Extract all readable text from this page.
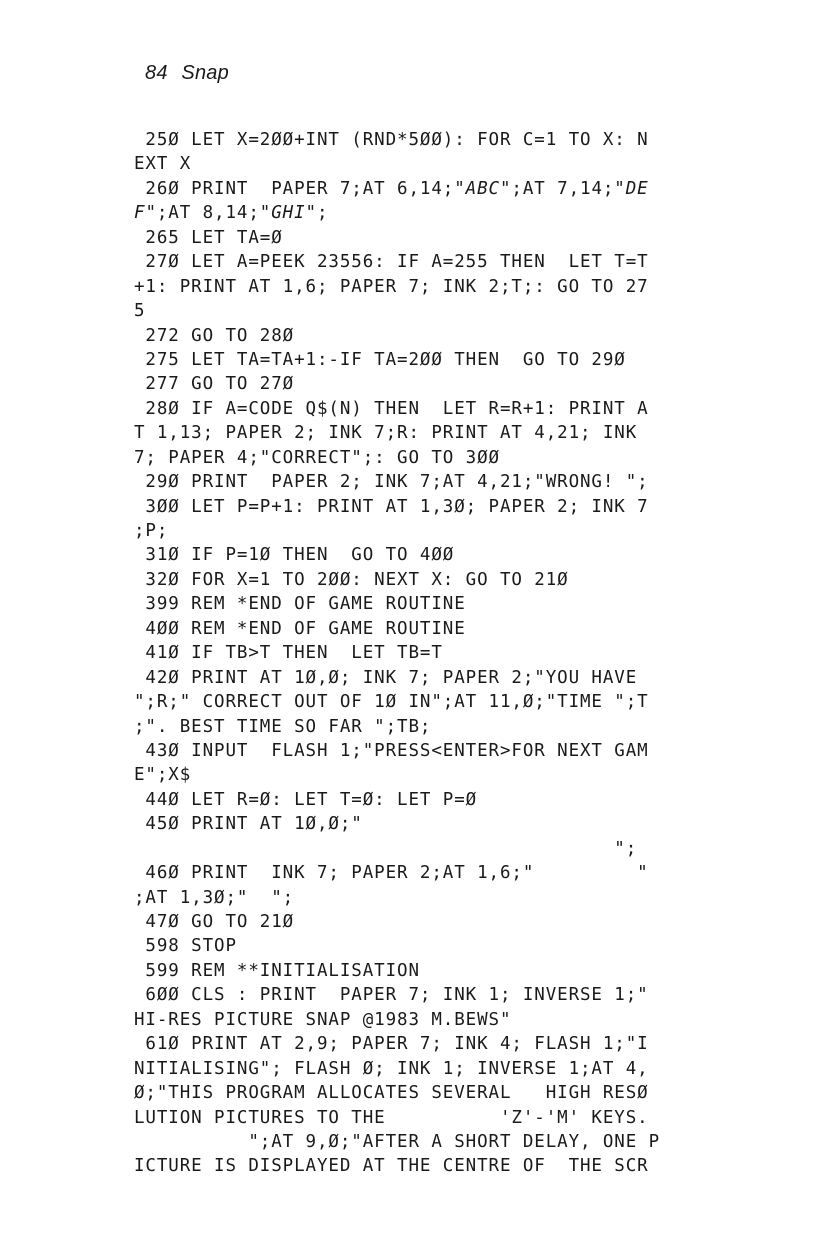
84 Snap
25Ø LET X=2ØØ+INT (RND*5ØØ): FOR C=1 TO X: N
EXT X
26Ø PRINT  PAPER 7;AT 6,14;"ABC";AT 7,14;"DE
F";AT 8,14;"GHI";
265 LET TA=Ø
27Ø LET A=PEEK 23556: IF A=255 THEN  LET T=T
+1: PRINT AT 1,6; PAPER 7; INK 2;T;: GO TO 27
5
272 GO TO 28Ø
275 LET TA=TA+1:-IF TA=2ØØ THEN  GO TO 29Ø
277 GO TO 27Ø
28Ø IF A=CODE Q$(N) THEN  LET R=R+1: PRINT A
T 1,13; PAPER 2; INK 7;R: PRINT AT 4,21; INK
7; PAPER 4;"CORRECT";: GO TO 3ØØ
29Ø PRINT  PAPER 2; INK 7;AT 4,21;"WRONG! ";
3ØØ LET P=P+1: PRINT AT 1,3Ø; PAPER 2; INK 7
;P;
31Ø IF P=1Ø THEN  GO TO 4ØØ
32Ø FOR X=1 TO 2ØØ: NEXT X: GO TO 21Ø
399 REM *END OF GAME ROUTINE
4ØØ REM *END OF GAME ROUTINE
41Ø IF TB>T THEN  LET TB=T
42Ø PRINT AT 1Ø,Ø; INK 7; PAPER 2;"YOU HAVE
";R;" CORRECT OUT OF 1Ø IN";AT 11,Ø;"TIME ";T
;". BEST TIME SO FAR ";TB;
43Ø INPUT  FLASH 1;"PRESS<ENTER>FOR NEXT GAM
E";X$
44Ø LET R=Ø: LET T=Ø: LET P=Ø
45Ø PRINT AT 1Ø,Ø;"
";
46Ø PRINT  INK 7; PAPER 2;AT 1,6;"         "
;AT 1,3Ø;"  ";
47Ø GO TO 21Ø
598 STOP
599 REM **INITIALISATION
6ØØ CLS : PRINT  PAPER 7; INK 1; INVERSE 1;"
HI-RES PICTURE SNAP @1983 M.BEWS"
61Ø PRINT AT 2,9; PAPER 7; INK 4; FLASH 1;"I
NITIALISING"; FLASH Ø; INK 1; INVERSE 1;AT 4,
Ø;"THIS PROGRAM ALLOCATES SEVERAL   HIGH RESØ
LUTION PICTURES TO THE          'Z'-'M' KEYS.
";AT 9,Ø;"AFTER A SHORT DELAY, ONE P
ICTURE IS DISPLAYED AT THE CENTRE OF  THE SCR
